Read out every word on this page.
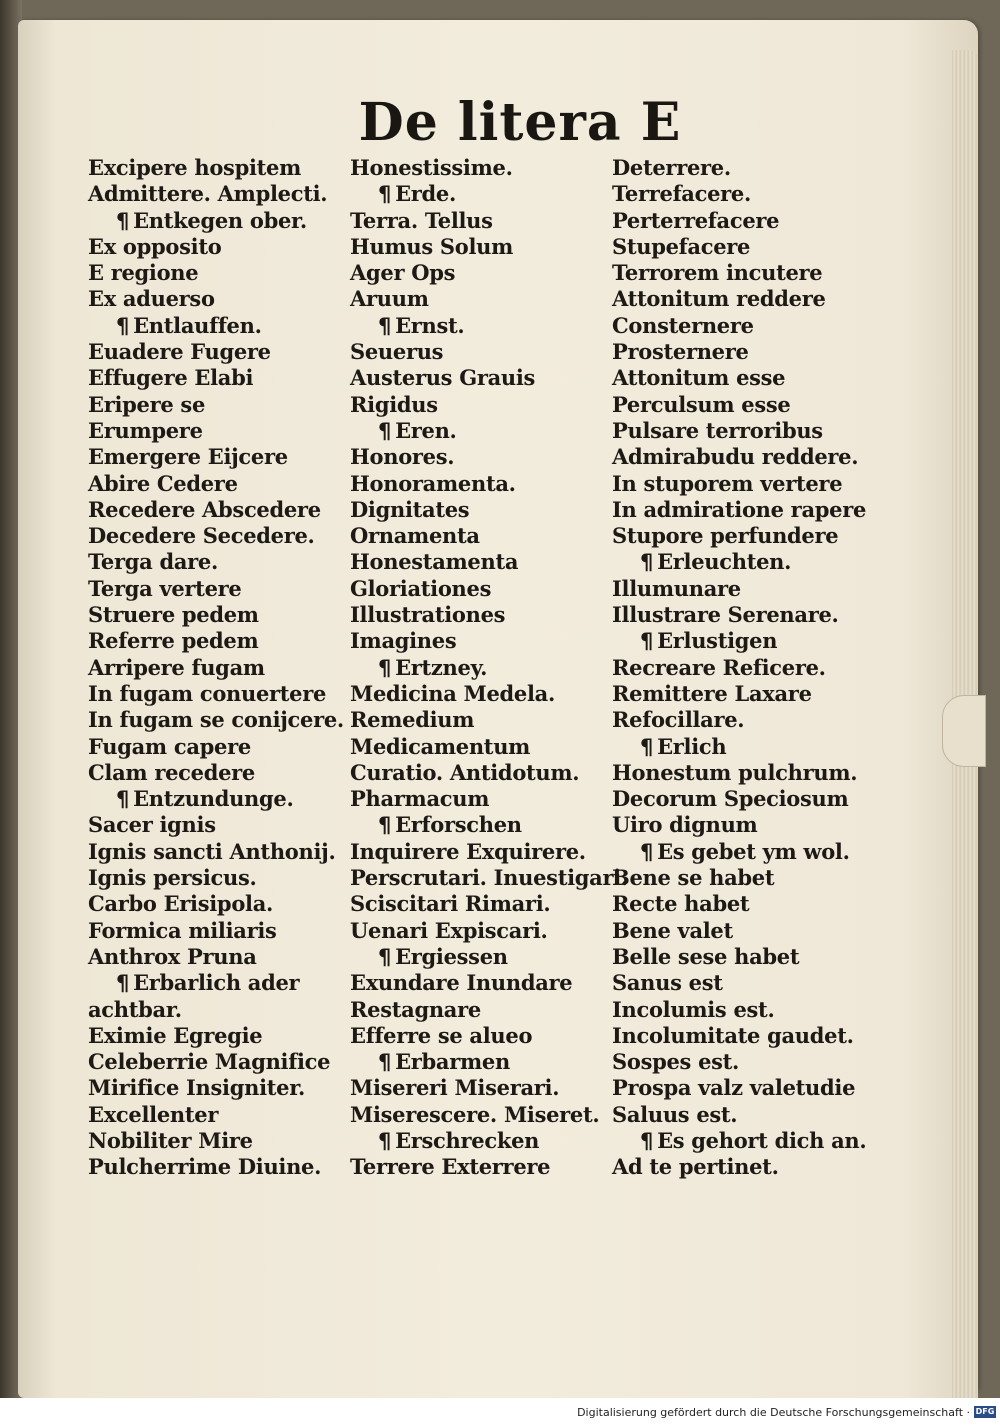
De litera E
Excipere hospitem
Admittere. Amplecti.
¶ Entkegen ober.
Ex opposito
E regione
Ex aduerso
¶ Entlauffen.
Euadere Fugere
Effugere Elabi
Eripere se
Erumpere
Emergere Eijcere
Abire Cedere
Recedere Abscedere
Decedere Secedere.
Terga dare.
Terga vertere
Struere pedem
Referre pedem
Arripere fugam
In fugam conuertere
In fugam se conijcere.
Fugam capere
Clam recedere
¶ Entzundunge.
Sacer ignis
Ignis sancti Anthonij.
Ignis persicus.
Carbo Erisipola.
Formica miliaris
Anthrox Pruna
¶ Erbarlich ader
achtbar.
Eximie Egregie
Celeberrie Magnifice
Mirifice Insigniter.
Excellenter
Nobiliter Mire
Pulcherrime Diuine.
Honestissime.
¶ Erde.
Terra. Tellus
Humus Solum
Ager Ops
Aruum
¶ Ernst.
Seuerus
Austerus Grauis
Rigidus
¶ Eren.
Honores.
Honoramenta.
Dignitates
Ornamenta
Honestamenta
Gloriationes
Illustrationes
Imagines
¶ Ertzney.
Medicina Medela.
Remedium
Medicamentum
Curatio. Antidotum.
Pharmacum
¶ Erforschen
Inquirere Exquirere.
Perscrutari. Inuestigari.
Sciscitari Rimari.
Uenari Expiscari.
¶ Ergiessen
Exundare Inundare
Restagnare
Efferre se alueo
¶ Erbarmen
Misereri Miserari.
Miserescere. Miseret.
¶ Erschrecken
Terrere Exterrere
Deterrere.
Terrefacere.
Perterrefacere
Stupefacere
Terrorem incutere
Attonitum reddere
Consternere
Prosternere
Attonitum esse
Perculsum esse
Pulsare terroribus
Admirabudu reddere.
In stuporem vertere
In admiratione rapere
Stupore perfundere
¶ Erleuchten.
Illumunare
Illustrare Serenare.
¶ Erlustigen
Recreare Reficere.
Remittere Laxare
Refocillare.
¶ Erlich
Honestum pulchrum.
Decorum Speciosum
Uiro dignum
¶ Es gebet ym wol.
Bene se habet
Recte habet
Bene valet
Belle sese habet
Sanus est
Incolumis est.
Incolumitate gaudet.
Sospes est.
Prospa valz valetudie
Saluus est.
¶ Es gehort dich an.
Ad te pertinet.
Digitalisierung gefördert durch die Deutsche Forschungsgemeinschaft · DFG
